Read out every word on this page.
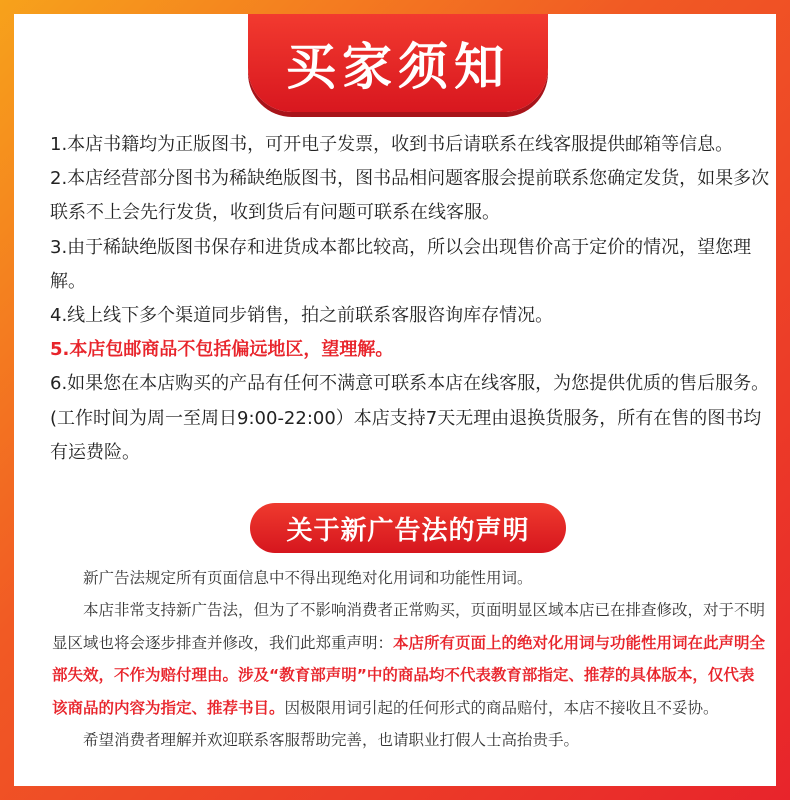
买家须知

1.本店书籍均为正版图书，可开电子发票，收到书后请联系在线客服提供邮箱等信息。

2.本店经营部分图书为稀缺绝版图书，图书品相问题客服会提前联系您确定发货，如果多次联系不上会先行发货，收到货后有问题可联系在线客服。

3.由于稀缺绝版图书保存和进货成本都比较高，所以会出现售价高于定价的情况，望您理解。

4.线上线下多个渠道同步销售，拍之前联系客服咨询库存情况。

5.本店包邮商品不包括偏远地区，望理解。

6.如果您在本店购买的产品有任何不满意可联系本店在线客服，为您提供优质的售后服务。(工作时间为周一至周日9:00-22:00）本店支持7天无理由退换货服务，所有在售的图书均有运费险。

关于新广告法的声明

新广告法规定所有页面信息中不得出现绝对化用词和功能性用词。

本店非常支持新广告法，但为了不影响消费者正常购买，页面明显区域本店已在排查修改，对于不明显区域也将会逐步排查并修改，我们此郑重声明：本店所有页面上的绝对化用词与功能性用词在此声明全部失效，不作为赔付理由。涉及“教育部声明”中的商品均不代表教育部指定、推荐的具体版本，仅代表该商品的内容为指定、推荐书目。因极限用词引起的任何形式的商品赔付，本店不接收且不妥协。

希望消费者理解并欢迎联系客服帮助完善，也请职业打假人士高抬贵手。
